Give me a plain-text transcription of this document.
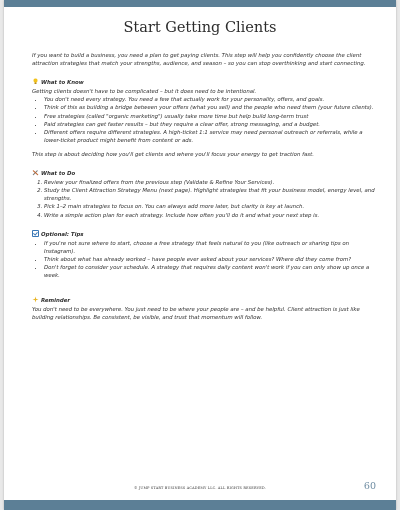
Start Getting Clients

If you want to build a business, you need a plan to get paying clients. This step will help you confidently choose the client attraction strategies that match your strengths, audience, and season – so you can stop overthinking and start connecting.

What to Know

Getting clients doesn't have to be complicated – but it does need to be intentional.

• You don't need every strategy. You need a few that actually work for your personality, offers, and goals.
• Think of this as building a bridge between your offers (what you sell) and the people who need them (your future clients).
• Free strategies (called "organic marketing") usually take more time but help build long-term trust
• Paid strategies can get faster results – but they require a clear offer, strong messaging, and a budget.
• Different offers require different strategies. A high-ticket 1:1 service may need personal outreach or referrals, while a lower-ticket product might benefit from content or ads.

This step is about deciding how you'll get clients and where you'll focus your energy to get traction fast.

What to Do
1. Review your finalized offers from the previous step (Validate & Refine Your Services).
2. Study the Client Attraction Strategy Menu (next page). Highlight strategies that fit your business model, energy level, and strengths.
3. Pick 1–2 main strategies to focus on. You can always add more later, but clarity is key at launch.
4. Write a simple action plan for each strategy. Include how often you'll do it and what your next step is.
Optional: Tips
• If you're not sure where to start, choose a free strategy that feels natural to you (like outreach or sharing tips on Instagram).
• Think about what has already worked – have people ever asked about your services? Where did they come from?
• Don't forget to consider your schedule. A strategy that requires daily content won't work if you can only show up once a week.
Reminder

You don't need to be everywhere. You just need to be where your people are – and be helpful. Client attraction is just like building relationships. Be consistent, be visible, and trust that momentum will follow.

© JUMP START BUSINESS ACADEMY LLC. ALL RIGHTS RESERVED.	60
